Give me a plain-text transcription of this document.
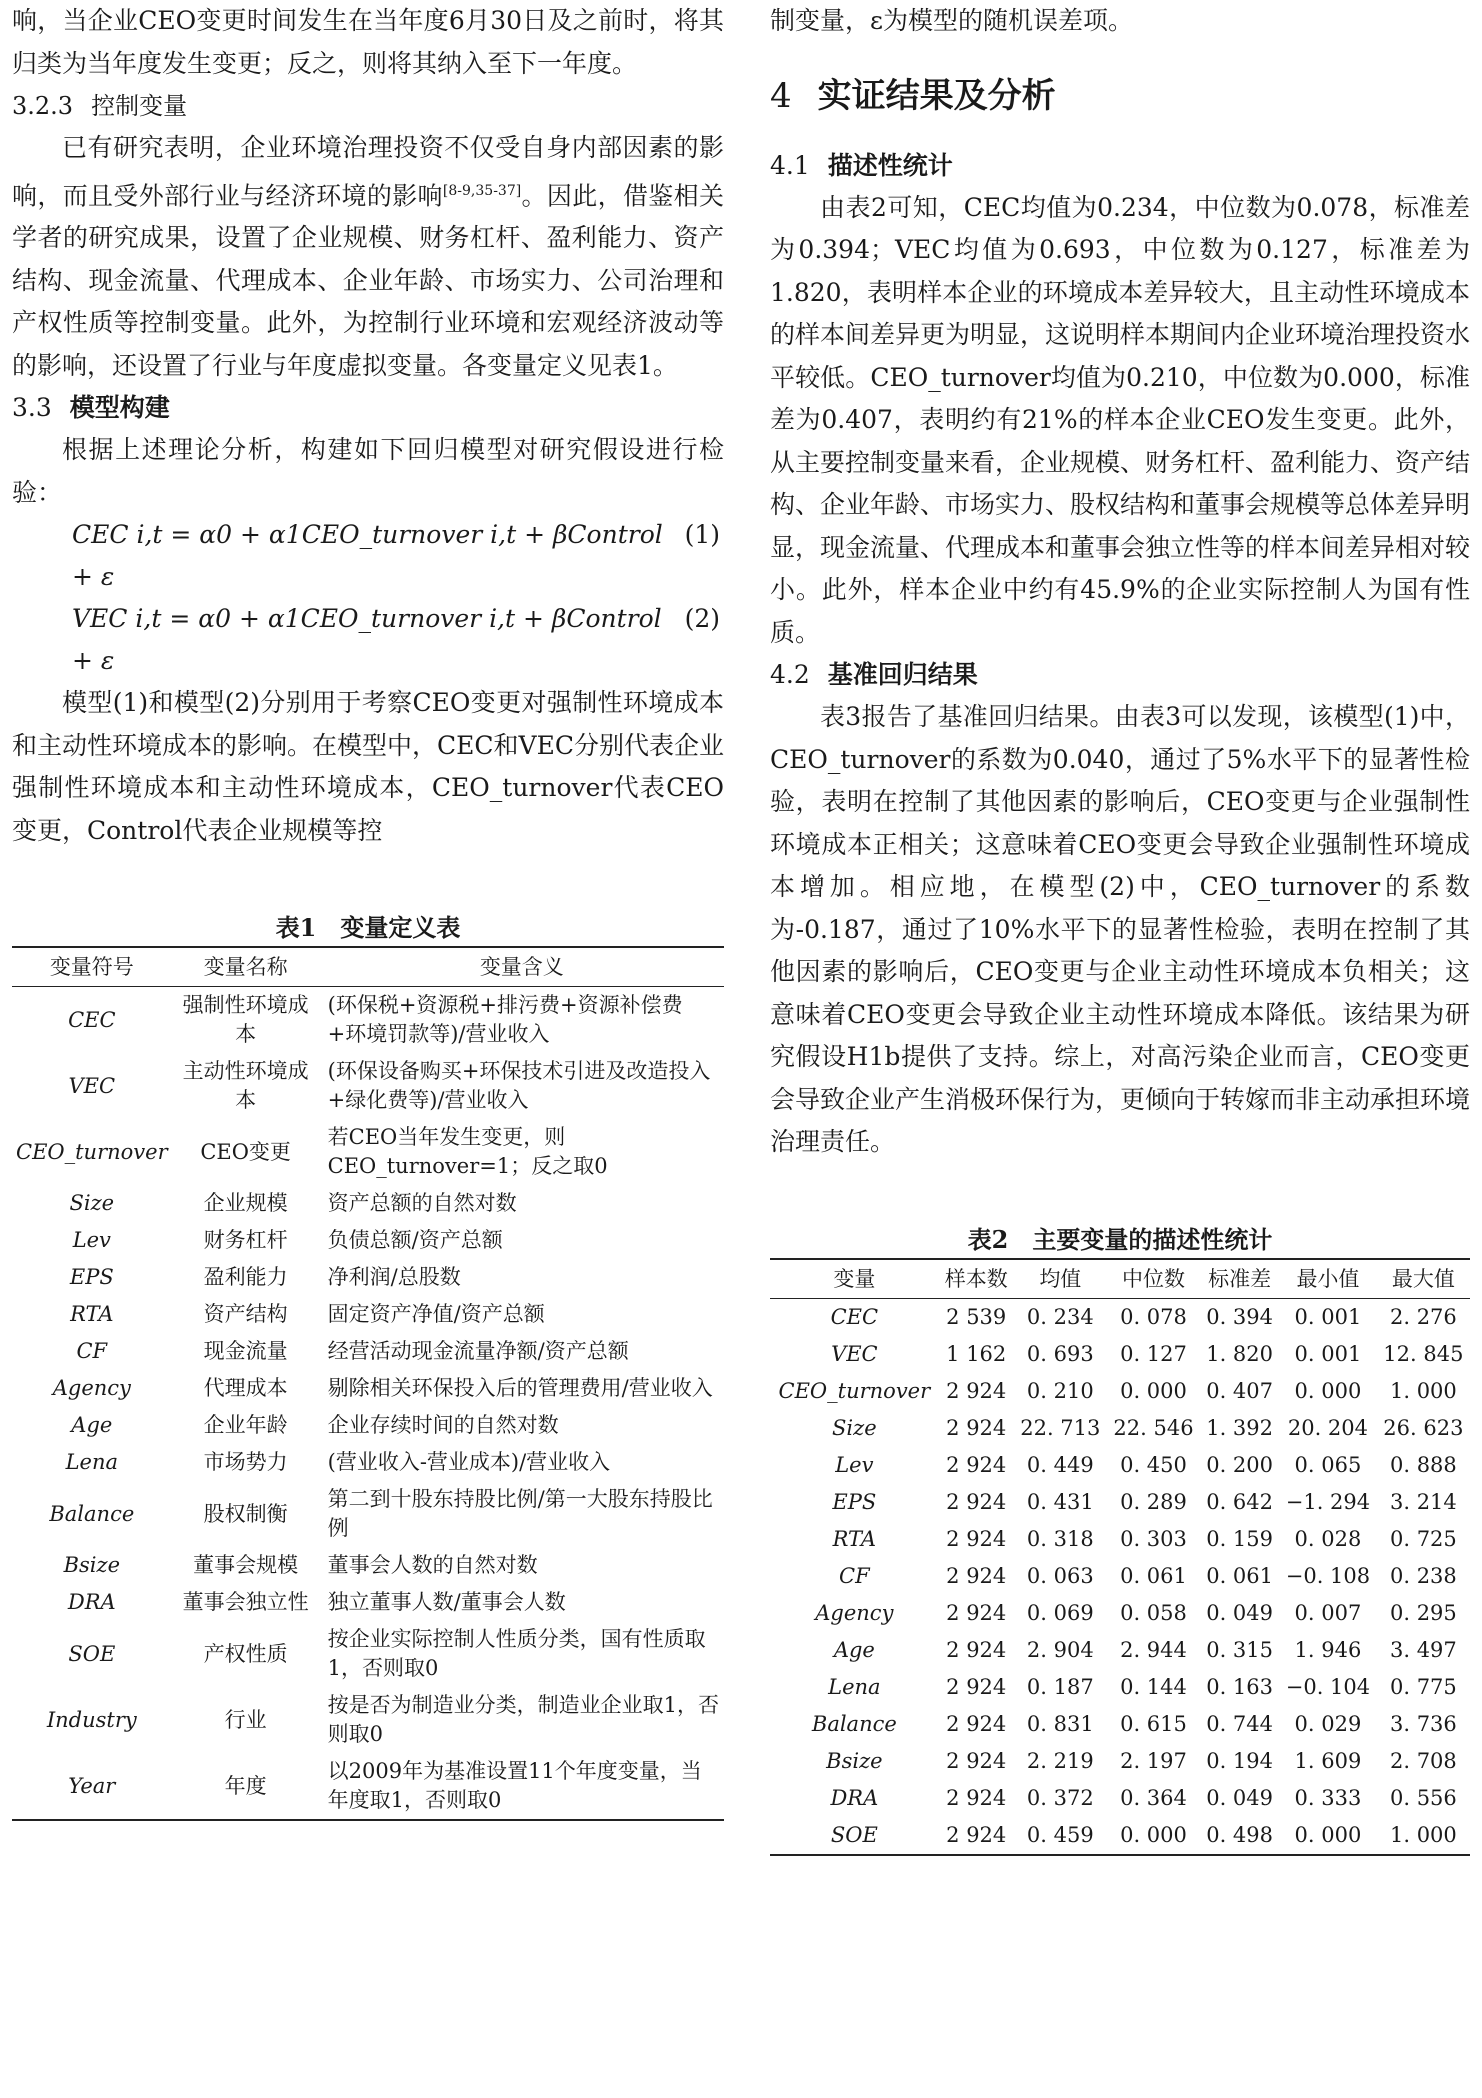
响，当企业CEO变更时间发生在当年度6月30日及之前时，将其归类为当年度发生变更；反之，则将其纳入至下一年度。

3.2.3 控制变量

已有研究表明，企业环境治理投资不仅受自身内部因素的影响，而且受外部行业与经济环境的影响[8-9,35-37]。因此，借鉴相关学者的研究成果，设置了企业规模、财务杠杆、盈利能力、资产结构、现金流量、代理成本、企业年龄、市场实力、公司治理和产权性质等控制变量。此外，为控制行业环境和宏观经济波动等的影响，还设置了行业与年度虚拟变量。各变量定义见表1。

3.3 模型构建

根据上述理论分析，构建如下回归模型对研究假设进行检验：

CEC i,t = α0 + α1CEO_turnover i,t + βControl + ε
(1)
VEC i,t = α0 + α1CEO_turnover i,t + βControl + ε
(2)

模型(1)和模型(2)分别用于考察CEO变更对强制性环境成本和主动性环境成本的影响。在模型中，CEC和VEC分别代表企业强制性环境成本和主动性环境成本，CEO_turnover代表CEO变更，Control代表企业规模等控

表1　变量定义表
变量符号	变量名称	变量含义
CEC	强制性环境成本	(环保税+资源税+排污费+资源补偿费+环境罚款等)/营业收入
VEC	主动性环境成本	(环保设备购买+环保技术引进及改造投入+绿化费等)/营业收入
CEO_turnover	CEO变更	若CEO当年发生变更，则CEO_turnover=1；反之取0
Size	企业规模	资产总额的自然对数
Lev	财务杠杆	负债总额/资产总额
EPS	盈利能力	净利润/总股数
RTA	资产结构	固定资产净值/资产总额
CF	现金流量	经营活动现金流量净额/资产总额
Agency	代理成本	剔除相关环保投入后的管理费用/营业收入
Age	企业年龄	企业存续时间的自然对数
Lena	市场势力	(营业收入-营业成本)/营业收入
Balance	股权制衡	第二到十股东持股比例/第一大股东持股比例
Bsize	董事会规模	董事会人数的自然对数
DRA	董事会独立性	独立董事人数/董事会人数
SOE	产权性质	按企业实际控制人性质分类，国有性质取1，否则取0
Industry	行业	按是否为制造业分类，制造业企业取1，否则取0
Year	年度	以2009年为基准设置11个年度变量，当年度取1，否则取0

制变量，ε为模型的随机误差项。

4 实证结果及分析
4.1 描述性统计

由表2可知，CEC均值为0.234，中位数为0.078，标准差为0.394；VEC均值为0.693，中位数为0.127，标准差为1.820，表明样本企业的环境成本差异较大，且主动性环境成本的样本间差异更为明显，这说明样本期间内企业环境治理投资水平较低。CEO_turnover均值为0.210，中位数为0.000，标准差为0.407，表明约有21%的样本企业CEO发生变更。此外，从主要控制变量来看，企业规模、财务杠杆、盈利能力、资产结构、企业年龄、市场实力、股权结构和董事会规模等总体差异明显，现金流量、代理成本和董事会独立性等的样本间差异相对较小。此外，样本企业中约有45.9%的企业实际控制人为国有性质。

4.2 基准回归结果

表3报告了基准回归结果。由表3可以发现，该模型(1)中，CEO_turnover的系数为0.040，通过了5%水平下的显著性检验，表明在控制了其他因素的影响后，CEO变更与企业强制性环境成本正相关；这意味着CEO变更会导致企业强制性环境成本增加。相应地，在模型(2)中，CEO_turnover的系数为-0.187，通过了10%水平下的显著性检验，表明在控制了其他因素的影响后，CEO变更与企业主动性环境成本负相关；这意味着CEO变更会导致企业主动性环境成本降低。该结果为研究假设H1b提供了支持。综上，对高污染企业而言，CEO变更会导致企业产生消极环保行为，更倾向于转嫁而非主动承担环境治理责任。

表2　主要变量的描述性统计
变量	样本数	均值	中位数	标准差	最小值	最大值
CEC	2 539	0. 234	0. 078	0. 394	0. 001	2. 276
VEC	1 162	0. 693	0. 127	1. 820	0. 001	12. 845
CEO_turnover	2 924	0. 210	0. 000	0. 407	0. 000	1. 000
Size	2 924	22. 713	22. 546	1. 392	20. 204	26. 623
Lev	2 924	0. 449	0. 450	0. 200	0. 065	0. 888
EPS	2 924	0. 431	0. 289	0. 642	−1. 294	3. 214
RTA	2 924	0. 318	0. 303	0. 159	0. 028	0. 725
CF	2 924	0. 063	0. 061	0. 061	−0. 108	0. 238
Agency	2 924	0. 069	0. 058	0. 049	0. 007	0. 295
Age	2 924	2. 904	2. 944	0. 315	1. 946	3. 497
Lena	2 924	0. 187	0. 144	0. 163	−0. 104	0. 775
Balance	2 924	0. 831	0. 615	0. 744	0. 029	3. 736
Bsize	2 924	2. 219	2. 197	0. 194	1. 609	2. 708
DRA	2 924	0. 372	0. 364	0. 049	0. 333	0. 556
SOE	2 924	0. 459	0. 000	0. 498	0. 000	1. 000
